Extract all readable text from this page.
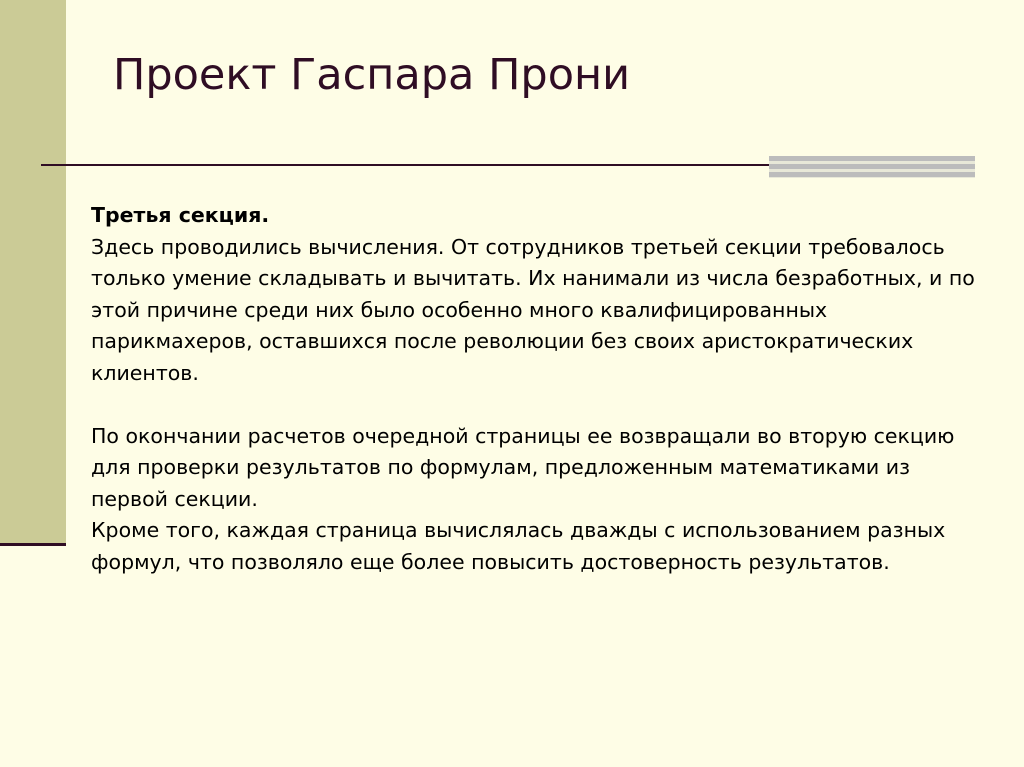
Проект Гаспара Прони

Третья секция.

Здесь проводились вычисления. От сотрудников третьей секции требовалось только умение складывать и вычитать. Их нанимали из числа безработных, и по этой причине среди них было особенно много квалифицированных парикмахеров, оставшихся после революции без своих аристократических клиентов.

По окончании расчетов очередной страницы ее возвращали во вторую секцию для проверки результатов по формулам, предложенным математиками из первой секции.

Кроме того, каждая страница вычислялась дважды с использованием разных формул, что позволяло еще более повысить достоверность результатов.
